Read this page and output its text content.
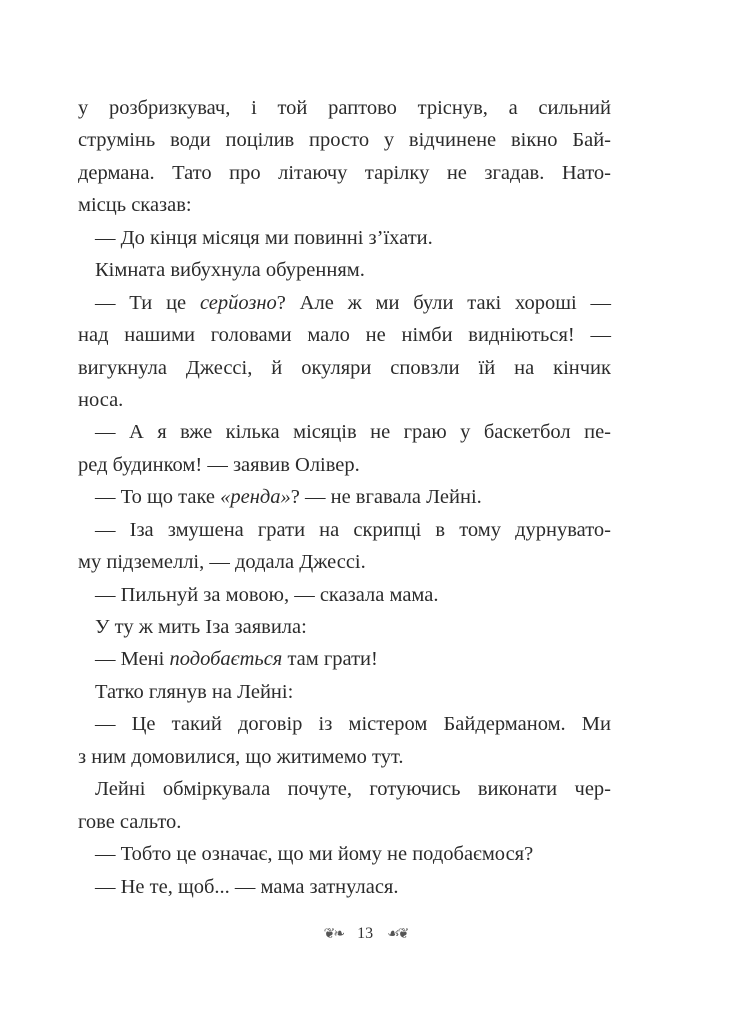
у розбризкувач, і той раптово тріснув, а сильний
струмінь води поцілив просто у відчинене вікно Бай-
дермана. Тато про літаючу тарілку не згадав. Нато-
місць сказав:
— До кінця місяця ми повинні з’їхати.
Кімната вибухнула обуренням.
— Ти це серйозно? Але ж ми були такі хороші —
над нашими головами мало не німби видніються! —
вигукнула Джессі, й окуляри сповзли їй на кінчик
носа.
— А я вже кілька місяців не граю у баскетбол пе-
ред будинком! — заявив Олівер.
— То що таке «ренда»? — не вгавала Лейні.
— Іза змушена грати на скрипці в тому дурнувато-
му підземеллі, — додала Джессі.
— Пильнуй за мовою, — сказала мама.
У ту ж мить Іза заявила:
— Мені подобається там грати!
Татко глянув на Лейні:
— Це такий договір із містером Байдерманом. Ми
з ним домовилися, що житимемо тут.
Лейні обміркувала почуте, готуючись виконати чер-
гове сальто.
— Тобто це означає, що ми йому не подобаємося?
— Не те, щоб... — мама затнулася.
❦❧ 13 ☙❦
